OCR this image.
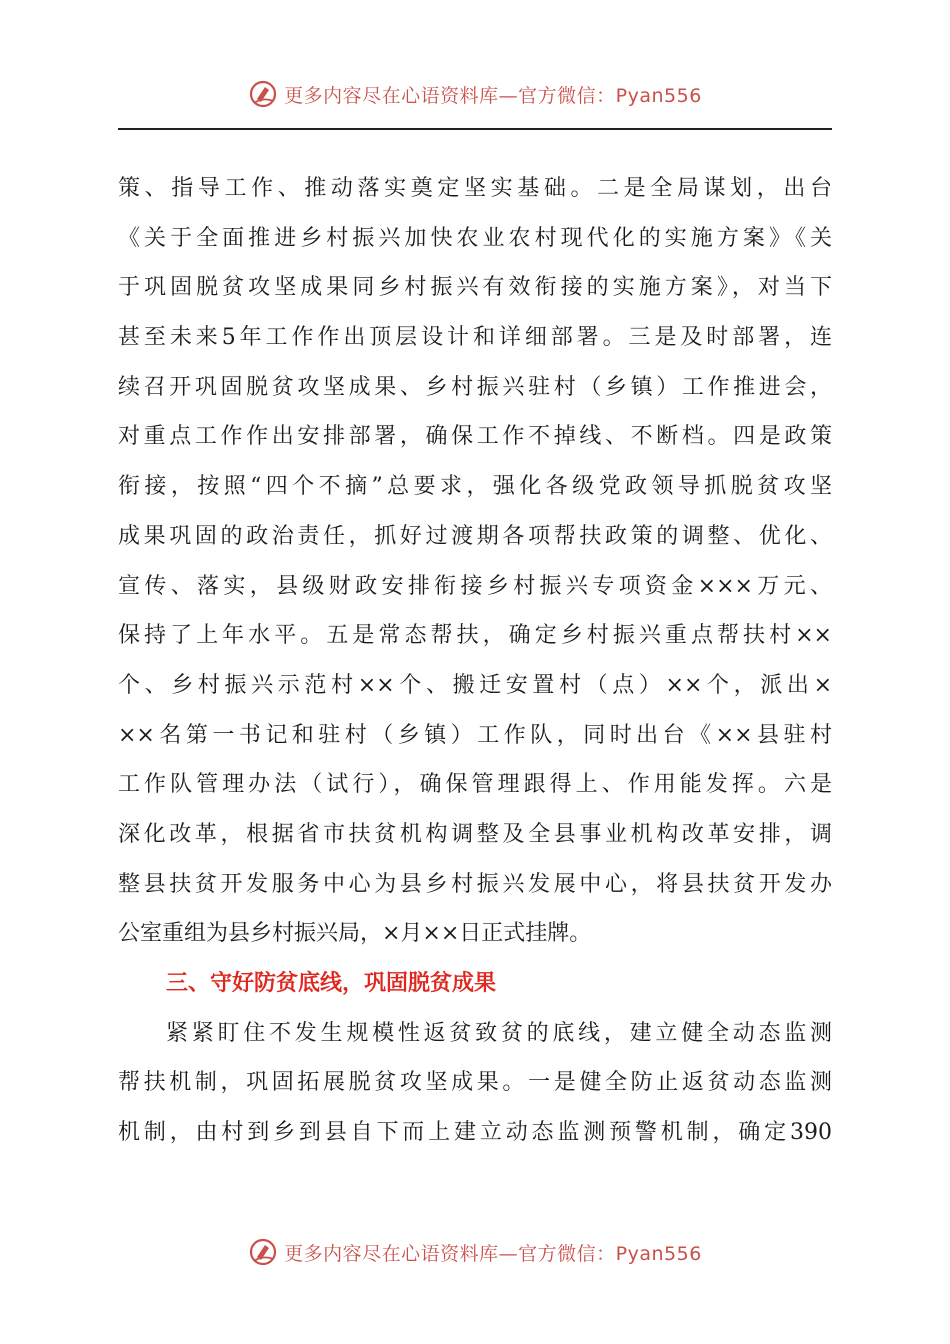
更多内容尽在心语资料库—官方微信：Pyan556
策、指导工作、推动落实奠定坚实基础。二是全局谋划，出台
《关于全面推进乡村振兴加快农业农村现代化的实施方案》《关
于巩固脱贫攻坚成果同乡村振兴有效衔接的实施方案》，对当下
甚至未来5年工作作出顶层设计和详细部署。三是及时部署，连
续召开巩固脱贫攻坚成果、乡村振兴驻村（乡镇）工作推进会，
对重点工作作出安排部署，确保工作不掉线、不断档。四是政策
衔接，按照“四个不摘”总要求，强化各级党政领导抓脱贫攻坚
成果巩固的政治责任，抓好过渡期各项帮扶政策的调整、优化、
宣传、落实，县级财政安排衔接乡村振兴专项资金×××万元、
保持了上年水平。五是常态帮扶，确定乡村振兴重点帮扶村××
个、乡村振兴示范村××个、搬迁安置村（点）××个，派出×
××名第一书记和驻村（乡镇）工作队，同时出台《××县驻村
工作队管理办法（试行），确保管理跟得上、作用能发挥。六是
深化改革，根据省市扶贫机构调整及全县事业机构改革安排，调
整县扶贫开发服务中心为县乡村振兴发展中心，将县扶贫开发办
公室重组为县乡村振兴局，×月××日正式挂牌。
三、守好防贫底线，巩固脱贫成果
紧紧盯住不发生规模性返贫致贫的底线，建立健全动态监测
帮扶机制，巩固拓展脱贫攻坚成果。一是健全防止返贫动态监测
机制，由村到乡到县自下而上建立动态监测预警机制，确定390
更多内容尽在心语资料库—官方微信：Pyan556
